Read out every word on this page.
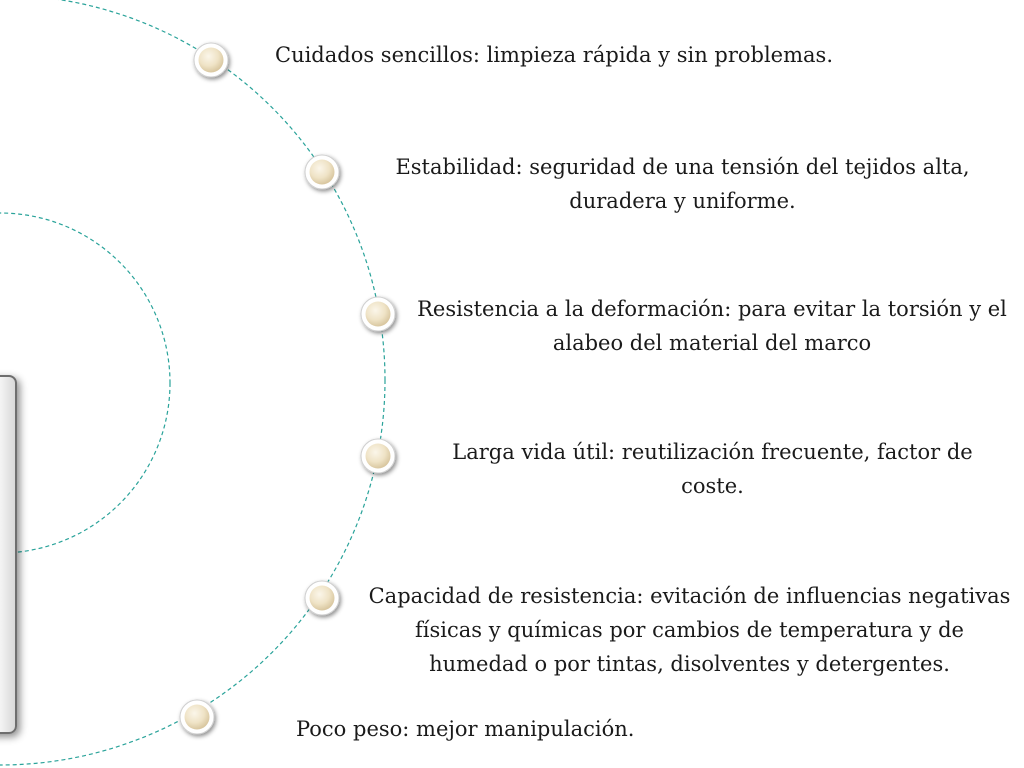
Cuidados sencillos: limpieza rápida y sin problemas.
Estabilidad: seguridad de una tensión del tejidos alta, duradera y uniforme.
Resistencia a la deformación: para evitar la torsión y el alabeo del material del marco
Larga vida útil: reutilización frecuente, factor de coste.
Capacidad de resistencia: evitación de influencias negativas físicas y químicas por cambios de temperatura y de humedad o por tintas, disolventes y detergentes.
Poco peso: mejor manipulación.
